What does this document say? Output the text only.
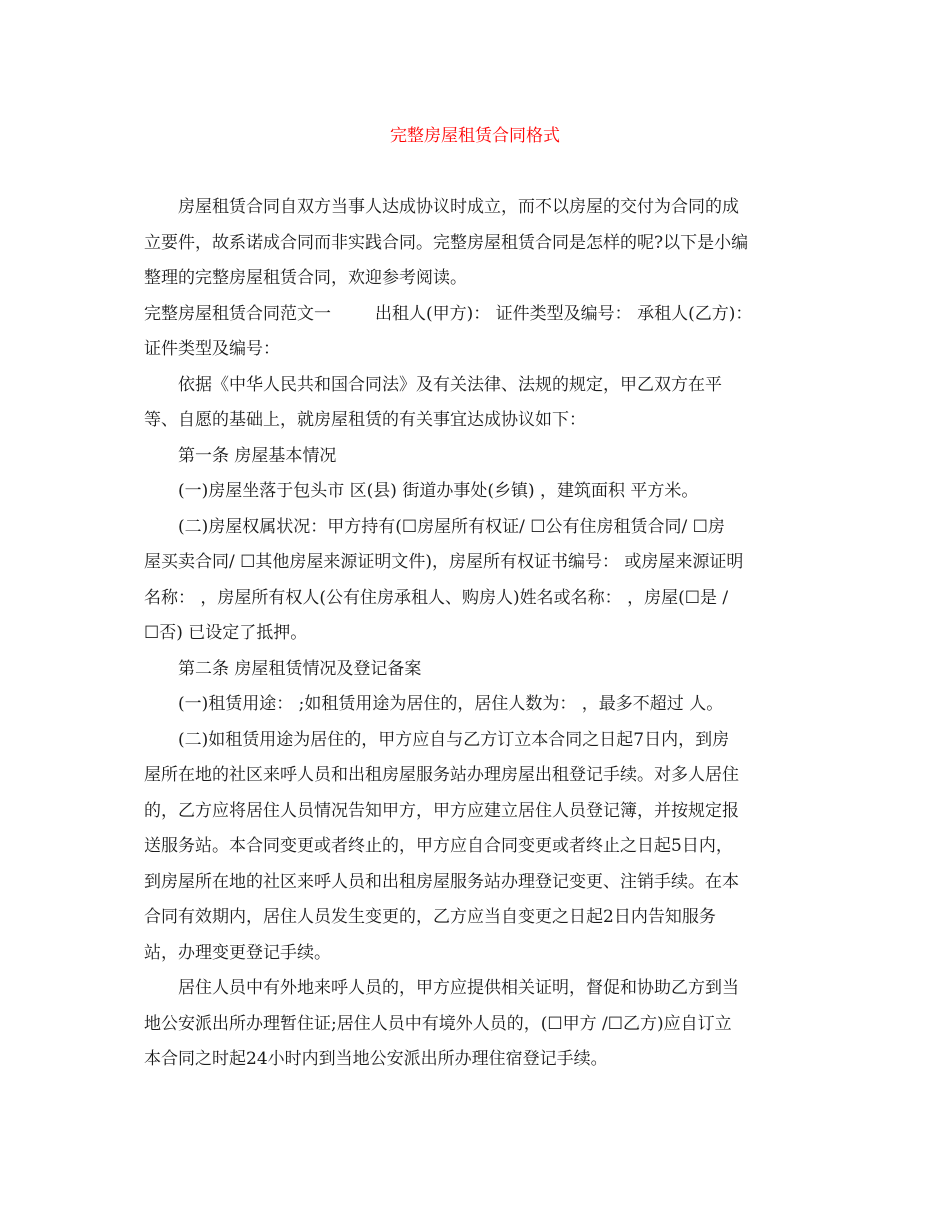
完整房屋租赁合同格式
房屋租赁合同自双方当事人达成协议时成立，而不以房屋的交付为合同的成
立要件，故系诺成合同而非实践合同。完整房屋租赁合同是怎样的呢?以下是小编
整理的完整房屋租赁合同，欢迎参考阅读。
完整房屋租赁合同范文一	出租人(甲方)： 证件类型及编号： 承租人(乙方)：
证件类型及编号：
依据《中华人民共和国合同法》及有关法律、法规的规定，甲乙双方在平
等、自愿的基础上，就房屋租赁的有关事宜达成协议如下：
第一条 房屋基本情况
(一)房屋坐落于包头市 区(县) 街道办事处(乡镇) ，建筑面积 平方米。
(二)房屋权属状况：甲方持有(☐房屋所有权证/ ☐公有住房租赁合同/ ☐房
屋买卖合同/ ☐其他房屋来源证明文件)，房屋所有权证书编号： 或房屋来源证明
名称： ，房屋所有权人(公有住房承租人、购房人)姓名或名称： ，房屋(☐是 /
☐否) 已设定了抵押。
第二条 房屋租赁情况及登记备案
(一)租赁用途： ;如租赁用途为居住的，居住人数为： ，最多不超过 人。
(二)如租赁用途为居住的，甲方应自与乙方订立本合同之日起7日内，到房
屋所在地的社区来呼人员和出租房屋服务站办理房屋出租登记手续。对多人居住
的，乙方应将居住人员情况告知甲方，甲方应建立居住人员登记簿，并按规定报
送服务站。本合同变更或者终止的，甲方应自合同变更或者终止之日起5日内，
到房屋所在地的社区来呼人员和出租房屋服务站办理登记变更、注销手续。在本
合同有效期内，居住人员发生变更的，乙方应当自变更之日起2日内告知服务
站，办理变更登记手续。
居住人员中有外地来呼人员的，甲方应提供相关证明，督促和协助乙方到当
地公安派出所办理暂住证;居住人员中有境外人员的，(☐甲方 /☐乙方)应自订立
本合同之时起24小时内到当地公安派出所办理住宿登记手续。
